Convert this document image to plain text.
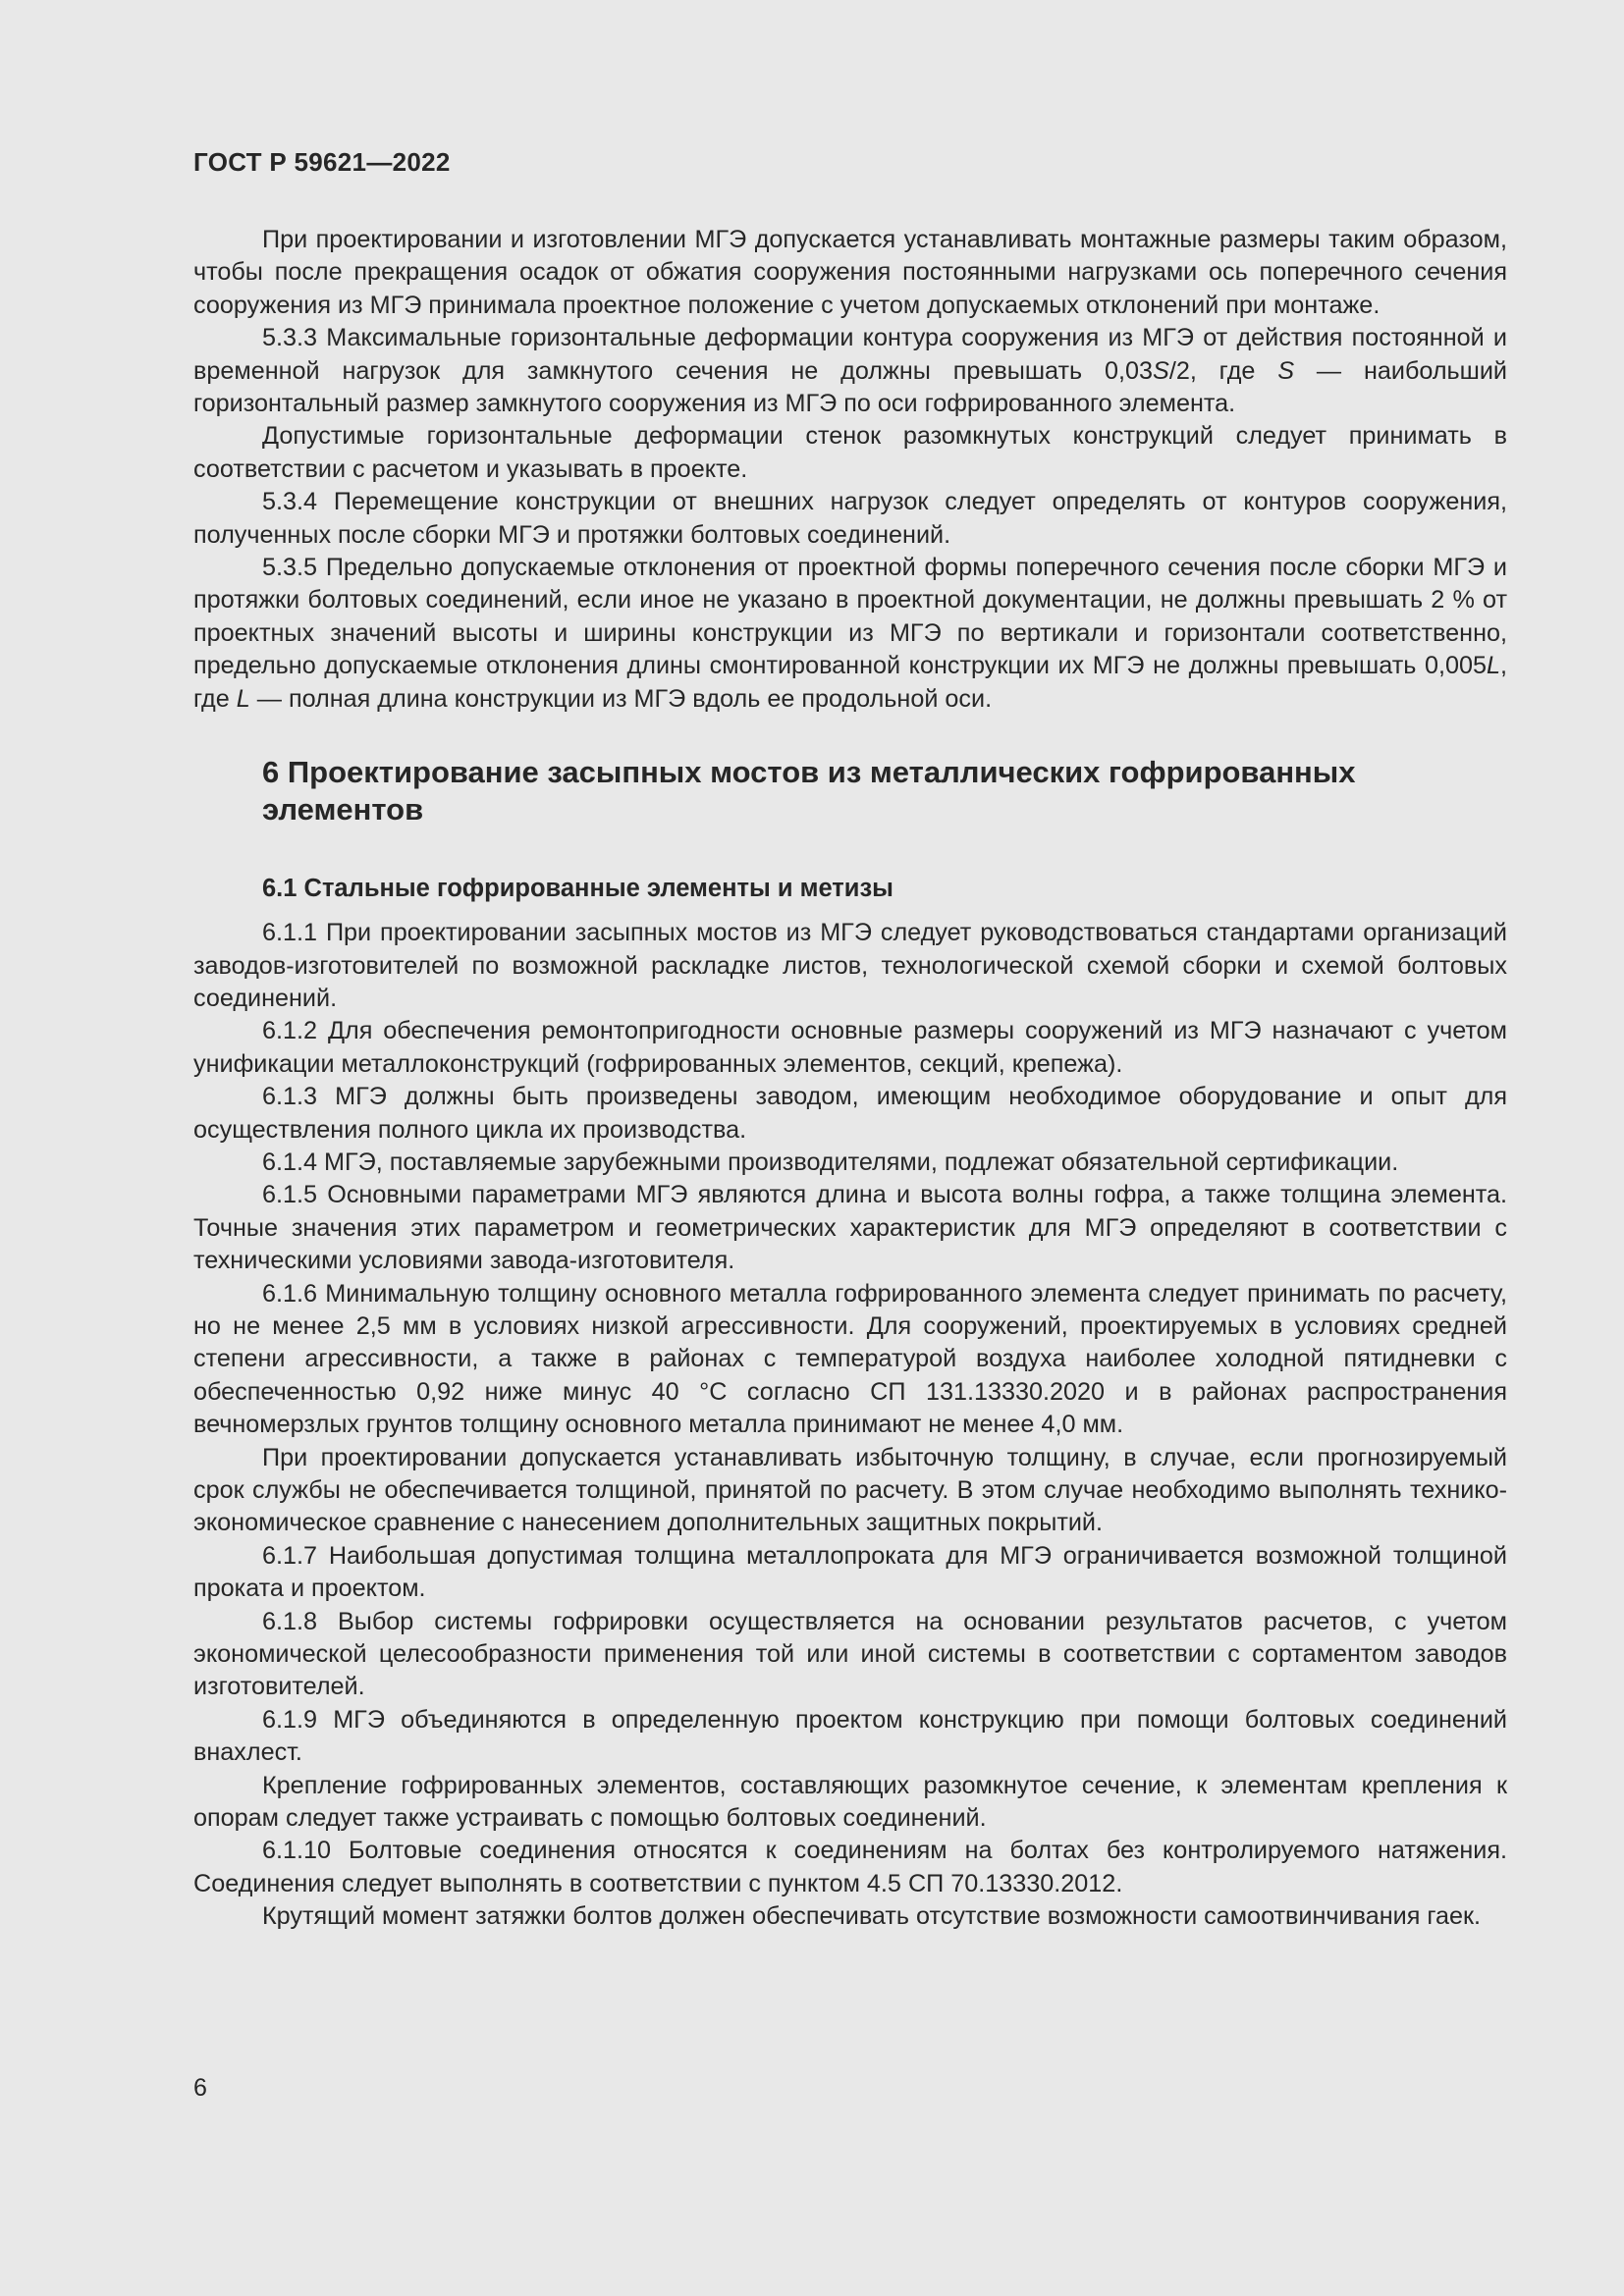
ГОСТ Р 59621—2022

При проектировании и изготовлении МГЭ допускается устанавливать монтажные размеры таким образом, чтобы после прекращения осадок от обжатия сооружения постоянными нагрузками ось поперечного сечения сооружения из МГЭ принимала проектное положение с учетом допускаемых отклонений при монтаже.

5.3.3 Максимальные горизонтальные деформации контура сооружения из МГЭ от действия постоянной и временной нагрузок для замкнутого сечения не должны превышать 0,03S/2, где S — наибольший горизонтальный размер замкнутого сооружения из МГЭ по оси гофрированного элемента.

Допустимые горизонтальные деформации стенок разомкнутых конструкций следует принимать в соответствии с расчетом и указывать в проекте.

5.3.4 Перемещение конструкции от внешних нагрузок следует определять от контуров сооружения, полученных после сборки МГЭ и протяжки болтовых соединений.

5.3.5 Предельно допускаемые отклонения от проектной формы поперечного сечения после сборки МГЭ и протяжки болтовых соединений, если иное не указано в проектной документации, не должны превышать 2 % от проектных значений высоты и ширины конструкции из МГЭ по вертикали и горизонтали соответственно, предельно допускаемые отклонения длины смонтированной конструкции их МГЭ не должны превышать 0,005L, где L — полная длина конструкции из МГЭ вдоль ее продольной оси.

6 Проектирование засыпных мостов из металлических гофрированных элементов
6.1 Стальные гофрированные элементы и метизы

6.1.1 При проектировании засыпных мостов из МГЭ следует руководствоваться стандартами организаций заводов-изготовителей по возможной раскладке листов, технологической схемой сборки и схемой болтовых соединений.

6.1.2 Для обеспечения ремонтопригодности основные размеры сооружений из МГЭ назначают с учетом унификации металлоконструкций (гофрированных элементов, секций, крепежа).

6.1.3 МГЭ должны быть произведены заводом, имеющим необходимое оборудование и опыт для осуществления полного цикла их производства.

6.1.4 МГЭ, поставляемые зарубежными производителями, подлежат обязательной сертификации.

6.1.5 Основными параметрами МГЭ являются длина и высота волны гофра, а также толщина элемента. Точные значения этих параметром и геометрических характеристик для МГЭ определяют в соответствии с техническими условиями завода-изготовителя.

6.1.6 Минимальную толщину основного металла гофрированного элемента следует принимать по расчету, но не менее 2,5 мм в условиях низкой агрессивности. Для сооружений, проектируемых в условиях средней степени агрессивности, а также в районах с температурой воздуха наиболее холодной пятидневки с обеспеченностью 0,92 ниже минус 40 °С согласно СП 131.13330.2020 и в районах распространения вечномерзлых грунтов толщину основного металла принимают не менее 4,0 мм.

При проектировании допускается устанавливать избыточную толщину, в случае, если прогнозируемый срок службы не обеспечивается толщиной, принятой по расчету. В этом случае необходимо выполнять технико-экономическое сравнение с нанесением дополнительных защитных покрытий.

6.1.7 Наибольшая допустимая толщина металлопроката для МГЭ ограничивается возможной толщиной проката и проектом.

6.1.8 Выбор системы гофрировки осуществляется на основании результатов расчетов, с учетом экономической целесообразности применения той или иной системы в соответствии с сортаментом заводов изготовителей.

6.1.9 МГЭ объединяются в определенную проектом конструкцию при помощи болтовых соединений внахлест.

Крепление гофрированных элементов, составляющих разомкнутое сечение, к элементам крепления к опорам следует также устраивать с помощью болтовых соединений.

6.1.10 Болтовые соединения относятся к соединениям на болтах без контролируемого натяжения. Соединения следует выполнять в соответствии с пунктом 4.5 СП 70.13330.2012.

Крутящий момент затяжки болтов должен обеспечивать отсутствие возможности самоотвинчивания гаек.

6
